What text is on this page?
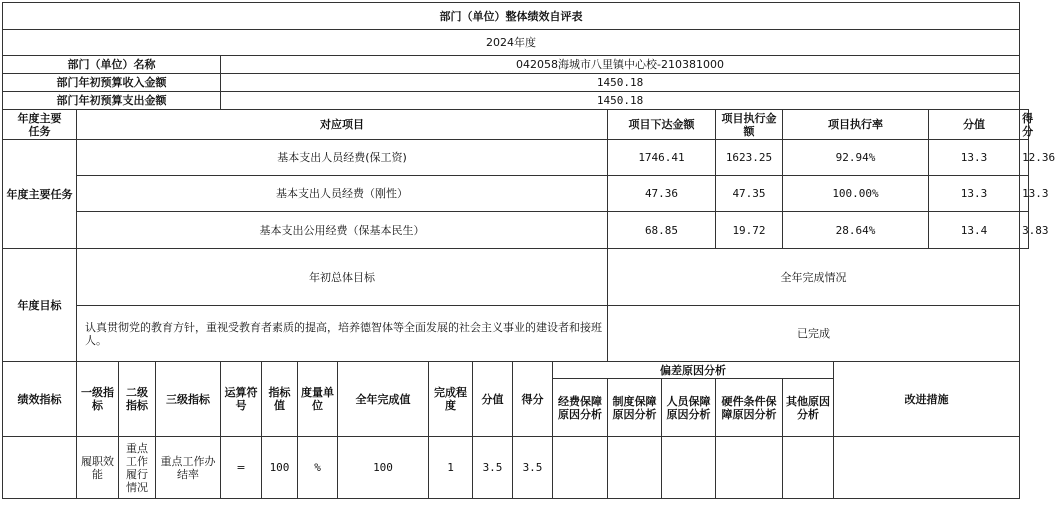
部门（单位）整体绩效自评表																		
2024年度																		
部门（单位）名称				042058海城市八里镇中心校-210381000														
部门年初预算收入金额				1450.18														
部门年初预算支出金额				1450.18														
年度主要
任务	对应项目											项目下达金额		项目执行金额	项目执行率		分值	得分
年度主要任务	基本支出人员经费(保工资)											1746.41		1623.25	92.94%		13.3	12.36
	基本支出人员经费（刚性）											47.36		47.35	100.00%		13.3	13.3
	基本支出公用经费（保基本民生）											68.85		19.72	28.64%		13.4	3.83
年度目标	年初总体目标											全年完成情况						
	认真贯彻党的教育方针，重视受教育者素质的提高，培养德智体等全面发展的社会主义事业的建设者和接班人。											已完成						
绩效指标	一级指标	二级指标	三级指标	运算符号	指标值	度量单位	全年完成值	完成程度	分值	得分	偏差原因分析					改进措施		
											经费保障原因分析	制度保障原因分析	人员保障原因分析	硬件条件保障原因分析	其他原因分析			
	履职效能	重点工作履行情况	重点工作办结率	=	100	%	100	1	3.5	3.5								
